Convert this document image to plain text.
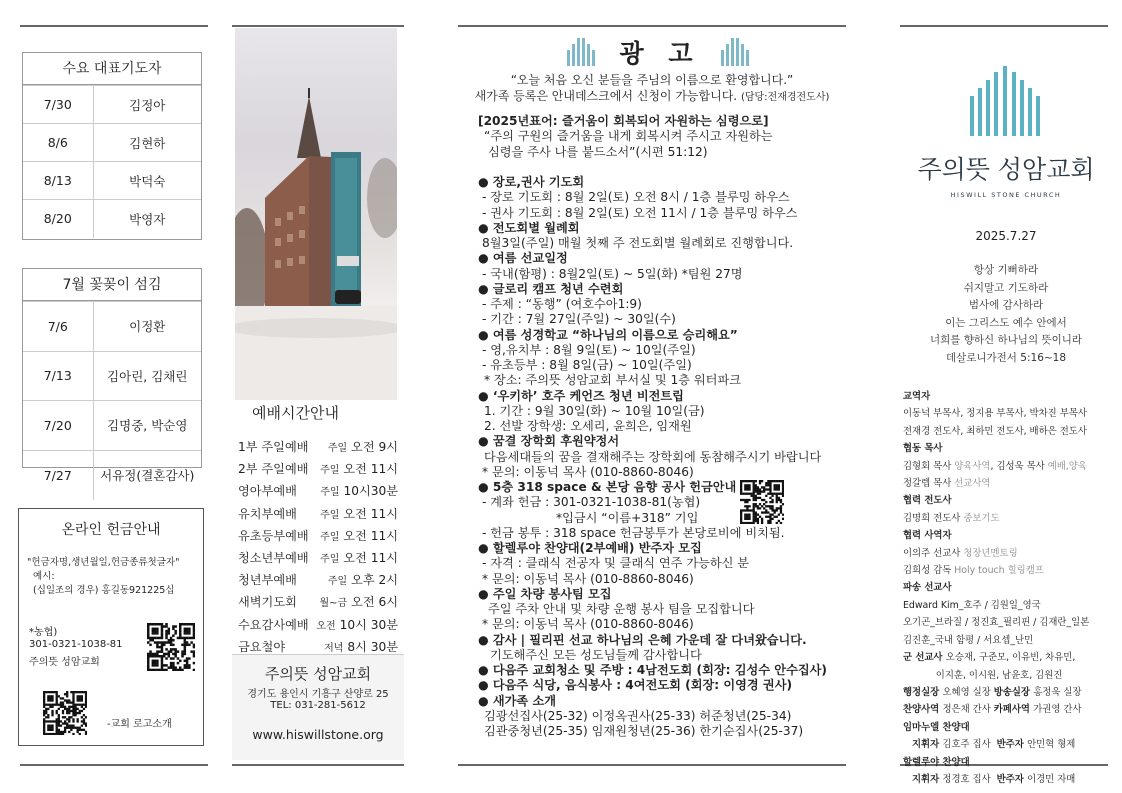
수요 대표기도자
7/30	김정아
8/6	김현하
8/13	박덕숙
8/20	박영자
7월 꽃꽂이 섬김
7/6	이정환
7/13	김아린, 김채린
7/20	김명중, 박순영
7/27	서유정(결혼감사)
온라인 헌금안내
"헌금자명,생년월일,헌금종류첫글자"
예시:
(십일조의 경우) 홍길동921225십
*농협)
301-0321-1038-81
주의뜻 성암교회
-교회 로고소개
예배시간안내
1부 주일예배 주일 오전 9시
2부 주일예배 주일 오전 11시
영아부예배 주일 10시30분
유치부예배 주일 오전 11시
유초등부예배 주일 오전 11시
청소년부예배 주일 오전 11시
청년부예배	주일 오후 2시
새벽기도회 월~금 오전 6시
수요감사예배 오전 10시 30분
금요철야	저녁 8시 30분
주의뜻 성암교회
경기도 용인시 기흥구 산양로 25
TEL: 031-281-5612
www.hiswillstone.org
광 고
“오늘 처음 오신 분들을 주님의 이름으로 환영합니다.”
새가족 등록은 안내데스크에서 신청이 가능합니다. (담당:전재경전도사)
[2025년표어: 즐거움이 회복되어 자원하는 심령으로]
“주의 구원의 즐거움을 내게 회복시켜 주시고 자원하는
심령을 주사 나를 붙드소서”(시편 51:12)
● 장로,권사 기도회
- 장로 기도회 : 8월 2일(토) 오전 8시 / 1층 블루밍 하우스
- 권사 기도회 : 8월 2일(토) 오전 11시 / 1층 블루밍 하우스
● 전도회별 월례회
8월3일(주일) 매월 첫째 주 전도회별 월례회로 진행합니다.
● 여름 선교일정
- 국내(함평) : 8월2일(토) ~ 5일(화) *팀원 27명
● 글로리 캠프 청년 수련회
- 주제 : “동행” (여호수아1:9)
- 기간 : 7월 27일(주일) ~ 30일(수)
● 여름 성경학교 “하나님의 이름으로 승리해요”
- 영,유치부 : 8월 9일(토) ~ 10일(주일)
- 유초등부 : 8월 8일(금) ~ 10일(주일)
* 장소: 주의뜻 성암교회 부서실 및 1층 워터파크
● ‘우키하’ 호주 케언즈 청년 비전트립
1. 기간 : 9월 30일(화) ~ 10월 10일(금)
2. 선발 장학생: 오세리, 윤희은, 임재원
● 꿈결 장학회 후원약정서
다음세대들의 꿈을 결재해주는 장학회에 동참해주시기 바랍니다
* 문의: 이동넉 목사 (010-8860-8046)
● 5층 318 space & 본당 음향 공사 헌금안내
- 계좌 헌금 : 301-0321-1038-81(농협)
*입금시 “이름+318” 기입
- 헌금 봉투 : 318 space 헌금봉투가 본당로비에 비치됨.
● 할렐루야 찬양대(2부예배) 반주자 모집
- 자격 : 클래식 전공자 및 클래식 연주 가능하신 분
* 문의: 이동넉 목사 (010-8860-8046)
● 주일 차량 봉사팀 모집
주일 주차 안내 및 차량 운행 봉사 팀을 모집합니다
* 문의: 이동넉 목사 (010-8860-8046)
● 감사 | 필리핀 선교 하나님의 은혜 가운데 잘 다녀왔습니다.
기도해주신 모든 성도님들께 감사합니다
● 다음주 교회청소 및 주방 : 4남전도회 (회장: 김성수 안수집사)
● 다음주 식당, 음식봉사 : 4여전도회 (회장: 이영경 권사)
● 새가족 소개
김광선집사(25-32) 이정옥권사(25-33) 허준청년(25-34)
김관중청년(25-35) 임재원청년(25-36) 한기순집사(25-37)
주의뜻 성암교회
HISWILL STONE CHURCH
2025.7.27
항상 기뻐하라
쉬지말고 기도하라
범사에 감사하라
이는 그리스도 예수 안에서
너희를 향하신 하나님의 뜻이니라
데살로니가전서 5:16~18
교역자
이동넉 부목사, 정지용 부목사, 박차진 부목사
전재경 전도사, 최하민 전도사, 배하은 전도사
협동 목사
김형회 목사 양육사역, 김성욱 목사 예배,양육
정갈렙 목사 선교사역
협력 전도사
김명희 전도사 중보기도
협력 사역자
이의주 선교사 청장년멘토링
김희성 감독 Holy touch 힐링캠프
파송 선교사
Edward Kim_호주 / 김원일_영국
오기곤_브라질 / 정진효_필리핀 / 김재란_일본
김진훈_국내 함평 / 서요셉_난민
군 선교사 오승재, 구준모, 이유빈, 차유민,
이지훈, 이시원, 남윤호, 김원진
행정실장 오혜영 실장 방송실장 홍정욱 실장
찬양사역 정은채 간사 카페사역 가권영 간사
임마누엘 찬양대
지휘자 김호주 집사  반주자 안민혁 형제
할렐루야 찬양대
지휘자 정경호 집사  반주자 이경민 자매
